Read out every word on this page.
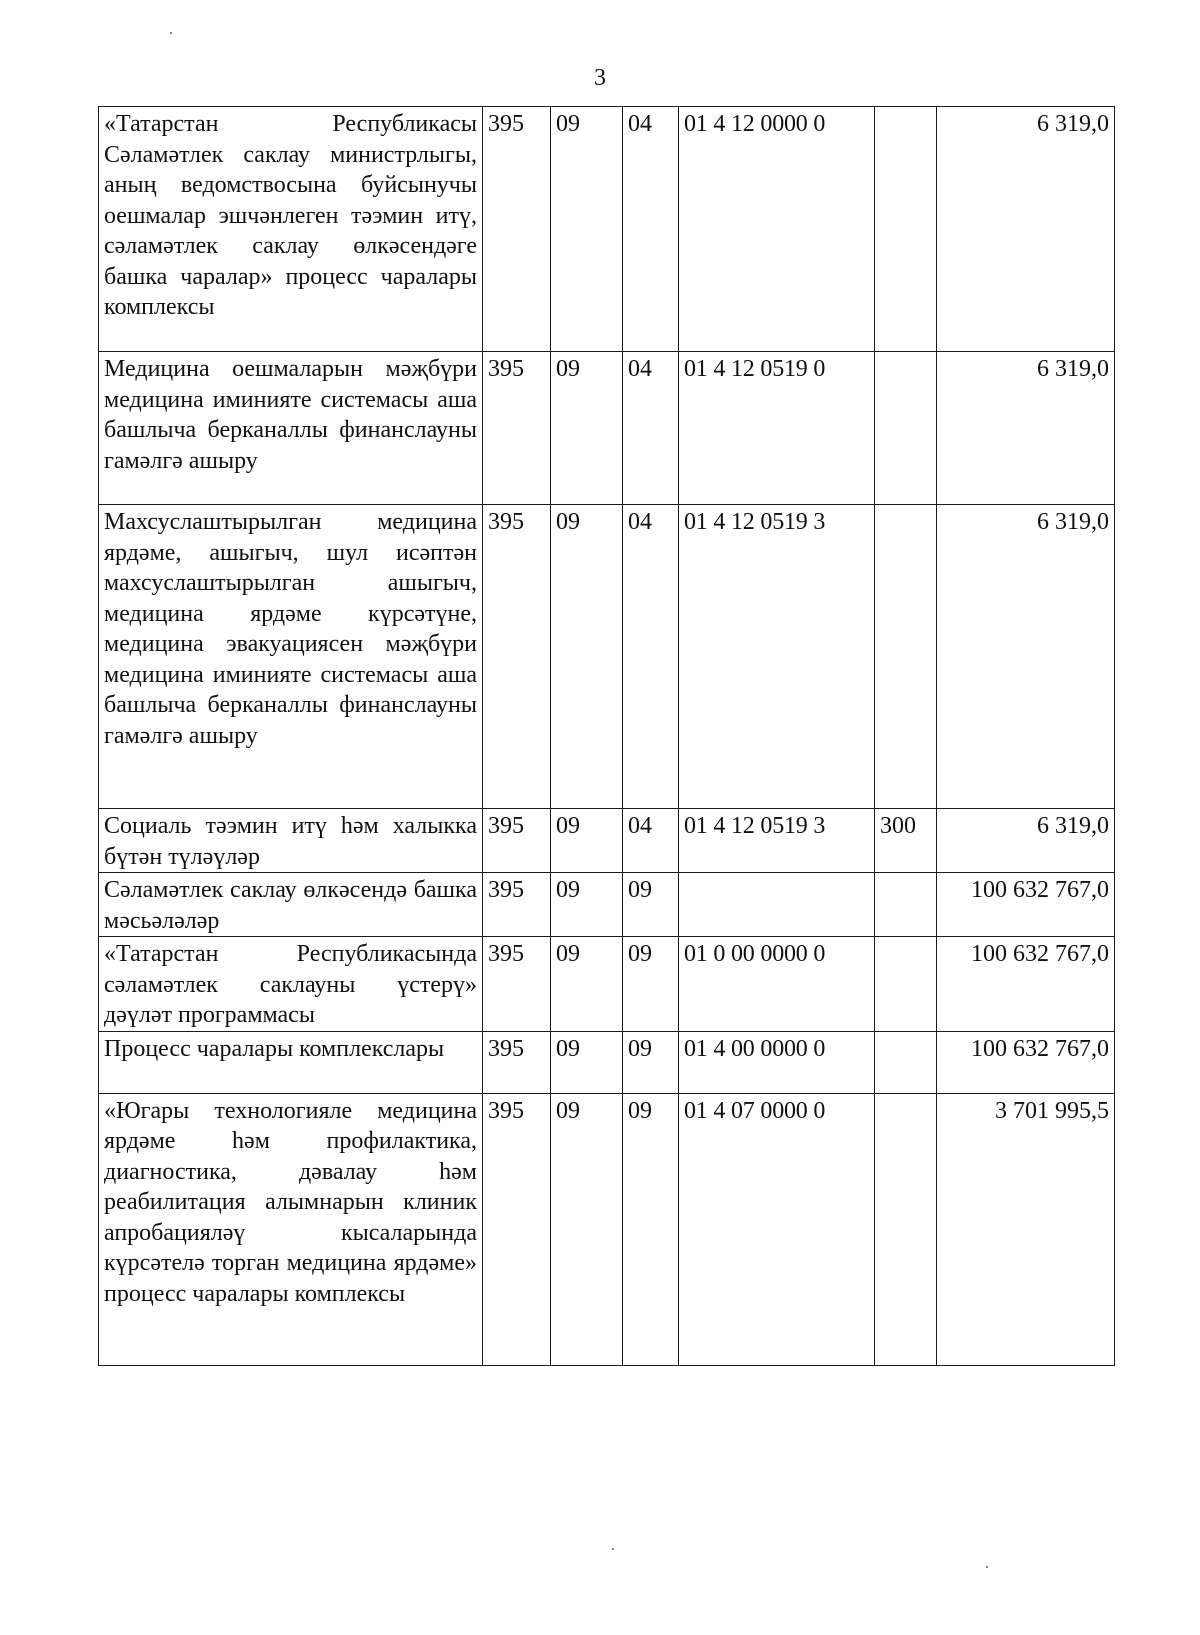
3
«Татарстан Республикасы Сәламәтлек саклау министрлыгы, аның ведомствосына буйсынучы оешмалар эшчәнлеген тәэмин итү, сәламәтлек саклау өлкәсендәге башка чаралар» процесс чаралары комплексы	395	09	04	01 4 12 0000 0		6 319,0
Медицина оешмаларын мәҗбүри медицина иминияте системасы аша башлыча берканаллы финанслауны гамәлгә ашыру	395	09	04	01 4 12 0519 0		6 319,0
Махсуслаштырылган медицина ярдәме, ашыгыч, шул исәптән махсуслаштырылган ашыгыч, медицина ярдәме күрсәтүне, медицина эвакуациясен мәҗбүри медицина иминияте системасы аша башлыча берканаллы финанслауны гамәлгә ашыру	395	09	04	01 4 12 0519 3		6 319,0
Социаль тәэмин итү һәм халыкка бүтән түләүләр	395	09	04	01 4 12 0519 3	300	6 319,0
Сәламәтлек саклау өлкәсендә башка мәсьәләләр	395	09	09			100 632 767,0
«Татарстан Республикасында сәламәтлек саклауны үстерү» дәүләт программасы	395	09	09	01 0 00 0000 0		100 632 767,0
Процесс чаралары комплекслары	395	09	09	01 4 00 0000 0		100 632 767,0
«Югары технологияле медицина ярдәме һәм профилактика, диагностика, дәвалау һәм реабилитация алымнарын клиник апробацияләү кысаларында күрсәтелә торган медицина ярдәме» процесс чаралары комплексы	395	09	09	01 4 07 0000 0		3 701 995,5
